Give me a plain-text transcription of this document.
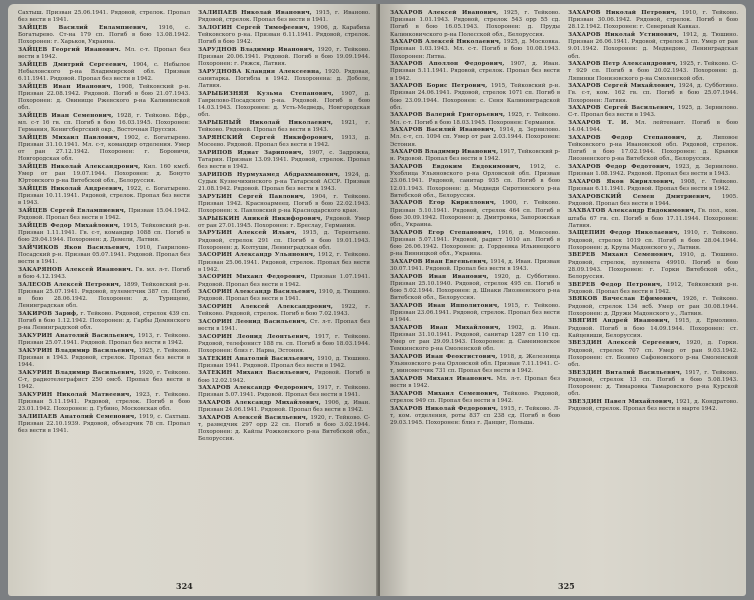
Сахтыш. Призван 25.06.1941. Рядовой, стрелок. Пропал без вести в 1941.

ЗАЙЦЕВ Василий Евлампиевич, 1916, с. Богатырево. Ст-на 179 сп. Погиб в бою 13.08.1942. Похоронен: г. Харьков, Украина.

ЗАЙЦЕВ Георгий Иванович. Мл. с-т. Пропал без вести в 1942.

ЗАЙЦЕВ Дмитрий Сергеевич, 1904, с. Небылое Небыловского р-на Владимирской обл. Призван 6.11.1941. Рядовой. Пропал без вести в 1942.

ЗАЙЦЕВ Иван Иванович, 1908, Тейковский р-н. Призван 22.08.1942. Рядовой. Погиб в бою 21.07.1943. Похоронен: д. Овинище Ржевского р-на Калининской обл.

ЗАЙЦЕВ Иван Семенович, 1928, г. Тейково. Ефр., мл. с-т 16 гв. сп. Погиб в бою 16.03.1945. Похоронен: Германия, Кенигсбергский окр., Восточная Пруссия.

ЗАЙЦЕВ Михаил Павлович, 1902, с. Богатырево. Призван 31.10.1941. Мл. с-т, командир отделения. Умер от ран 27.12.1942. Похоронен: г. Боровичи, Новгородская обл.

ЗАЙЦЕВ Николай Александрович, Кил. 160 кмсб. Умер от ран 19.07.1944. Похоронен: д. Бонуто Юртовского р-на Витебской обл., Белоруссия.

ЗАЙЦЕВ Николай Андреевич, 1922, с. Богатырево. Призван 10.11.1941. Рядовой, стрелок. Пропал без вести в 1943.

ЗАЙЦЕВ Сергей Евлампиевич, Призван 15.04.1942. Рядовой. Пропал без вести в 1942.

ЗАЙЦЕВ Федор Михайлович, 1915, Тейковский р-н. Призван 1.11.1941. Гв. с-т, командир 1088 сп. Погиб в бою 29.04.1944. Похоронен: д. Демели, Латвия.

ЗАЙЧИКОВ Яков Васильевич, 1910, Гаврилово-Посадский р-н. Призван 05.07.1941. Рядовой. Пропал без вести в 1941.

ЗАКАРЯНОВ Алексей Иванович. Гв. мл. л-т. Погиб в бою 4.12.1943.

ЗАЛЕСОВ Алексей Петрович, 1899, Тейковский р-н. Призван 25.07.1941. Рядовой, пулеметчик 387 сп. Погиб в бою 28.06.1942. Похоронен: д. Турищево, Ленинградская обл.

ЗАКИРОВ Зариф, г. Тейково. Рядовой, стрелок 439 сп. Погиб в бою 1.12.1942. Похоронен: д. Гарбы Демянского р-на Ленинградской обл.

ЗАКУРИН Анатолий Васильевич, 1913, г. Тейково. Призван 25.07.1941. Рядовой. Пропал без вести в 1942.

ЗАКУРИН Владимир Васильевич, 1925, г. Тейково. Призван в 1943. Рядовой, стрелок. Пропал без вести в 1944.

ЗАКУРИН Владимир Васильевич, 1920, г. Тейково. С-т, радиотелеграфист 250 омсб. Пропал без вести в 1942.

ЗАКУРИН Николай Матвеевич, 1923, г. Тейково. Призван 5.11.1941. Рядовой, стрелок. Погиб в бою 23.01.1942. Похоронен: д. Губино, Московская обл.

ЗАЛИПАЕВ Анатолий Семенович, 1919, с. Сахтыш. Призван 22.10.1939. Рядовой, объездчик 78 сп. Пропал без вести в 1941.

ЗАЛИПАЕВ Николай Иванович, 1915, г. Иваново. Рядовой, стрелок. Пропал без вести в 1941.

ЗАЛОГИН Сергей Тимофеевич, 1906, д. Карабиха Тейковского р-на. Призван 6.11.1941. Рядовой, стрелок. Погиб в бою 1942.

ЗАРУДНОВ Владимир Иванович, 1920, г. Тейково. Призван 20.06.1941. Рядовой. Погиб в бою 19.09.1944. Похоронен: г. Ряжск, Латвия.

ЗАРУДНОВА Клавдия Алексеевна, 1920. Рядовая, санитарка. Погибла в 1942. Похоронена: д. Доболе, Латвия.

ЗАРЫБИЗНЯЯ Кузьма Степанович, 1907, д. Гаврилово-Посадского р-на. Рядовой. Погиб в бою 14.03.1943. Похоронен: д. Усть-Медведь, Новгородская обл.

ЗАРЫБНЫЙ Николай Николаевич, 1921, г. Тейково. Рядовой. Пропал без вести в 1943.

ЗАРЯНСКИЙ Сергей Никифорович, 1913, д. Мосеево. Рядовой. Пропал без вести в 1942.

ЗАРИПОВ Идиат Зарипович, 1907, с. Задрожка, Татария. Призван 13.09.1941. Рядовой, стрелок. Пропал без вести в 1942.

ЗАРИПОВ Нурмухамед Абдрахманович, 1924, д. Судык Кузнечихинского р-на Татарской АССР. Призван 21.08.1942. Рядовой. Пропал без вести в 1943.

ЗАРУБИН Сергей Павлович, 1904, г. Тейково. Призван 1942. Красноармеец. Погиб в бою 22.02.1943. Похоронен: х. Павловский р-на Краснодарского края.

ЗАРЫБКИН Аникей Никифорович, Рядовой. Умер от ран 27.01.1945. Похоронен: г. Бреслау, Германия.

ЗАРУБИН Алексей Ильич, 1915, д. Терентьево. Рядовой, стрелок 291 сп. Погиб в бою 19.01.1943. Похоронен: д. Колтуши, Ленинградская обл.

ЗАСОРИН Александр Ульянович, 1912, г. Тейково. Призван 25.06.1941. Рядовой, стрелок. Пропал без вести в 1942.

ЗАСОРИН Михаил Федорович, Призван 1.07.1941. Рядовой. Пропал без вести в 1942.

ЗАСОРИН Александр Васильевич, 1910, д. Тюшино. Рядовой. Пропал без вести в 1941.

ЗАСОРИН Алексей Александрович, 1922, г. Тейково. Рядовой, стрелок. Погиб в бою 7.02.1943.

ЗАСОРИН Леонид Васильевич, Ст. л-т. Пропал без вести в 1941.

ЗАСОРИН Леонид Леонтьевич, 1917, г. Тейково. Рядовой, телефонист 188 гв. сп. Погиб в бою 18.03.1944. Похоронен: близ г. Нарва, Эстония.

ЗАТЕКИН Анатолий Васильевич, 1910, д. Тюшино. Призван 1941. Рядовой. Пропал без вести в 1942.

ЗАТЕКИН Михаил Васильевич, Рядовой. Погиб в бою 12.02.1942.

ЗАХАРОВ Александр Федорович, 1917, г. Тейково. Призван 5.07.1941. Рядовой. Пропал без вести в 1941.

ЗАХАРОВ Александр Михайлович, 1906, д. Иван. Призван 24.06.1941. Рядовой. Пропал без вести в 1942.

ЗАХАРОВ Алексей Васильевич, 1920, г. Тейково. С-т, разведчик 297 орр 22 сп. Погиб в бою 3.02.1944. Похоронен: д. Кайлы Рожковского р-на Витебской обл., Белоруссия.

324

ЗАХАРОВ Алексей Иванович, 1925, г. Тейково. Призван 1.01.1943. Рядовой, стрелок 543 орр 55 сд. Погиб в бою 16.05.1943. Похоронен: д. Пруды Калинковичского р-на Полесской обл., Белоруссия.

ЗАХАРОВ Алексей Николаевич, 1925, д. Московка. Призван 1.03.1943. Мл. с-т. Погиб в бою 10.08.1943. Похоронен: Литва.

ЗАХАРОВ Аполлон Федорович, 1907, д. Иван. Призван 5.11.1941. Рядовой, стрелок. Пропал без вести в 1942.

ЗАХАРОВ Борис Петрович, 1915, Тейковский р-н. Призван 24.06.1941. Рядовой, стрелок 1071 сп. Погиб в бою 23.09.1944. Похоронен: с. Сеня Калининградской обл.

ЗАХАРОВ Валерий Григорьевич, 1925, г. Тейково. Мл. с-т. Погиб в бою 18.03.1945. Похоронен: Германия.

ЗАХАРОВ Василий Иванович, 1914, д. Зернилово. Мл. с-т, сл. 1094 сп. Умер от ран 2.03.1944. Похоронен: Эстония.

ЗАХАРОВ Владимир Иванович, 1917, Тейковский р-н. Рядовой. Пропал без вести в 1942.

ЗАХАРОВ Евдоким Евдокимович, 1912, с. Ухоблица Ульяновского р-на Орловской обл. Призван 23.06.1941. Рядовой, санитар 935 сп. Погиб в бою 12.01.1943. Похоронен: д. Медведи Сиротинского р-на Витебской обл., Белоруссия.

ЗАХАРОВ Егор Кириллович, 1900, г. Тейково. Призван 5.10.1941. Рядовой, стрелок 464 сп. Погиб в бою 30.09.1942. Похоронен: д. Дмитровка, Запорожская обл., Украина.

ЗАХАРОВ Егор Степанович, 1916, д. Моисеево. Призван 5.07.1941. Рядовой, радист 1010 ап. Погиб в бою 26.06.1942. Похоронен: д. Гордеевка Ильинецкого р-на Винницкой обл., Украина.

ЗАХАРОВ Иван Евгеньевич, 1914, д. Иван. Призван 30.07.1941. Рядовой. Пропал без вести в 1943.

ЗАХАРОВ Иван Иванович, 1920, д. Субботино. Призван 25.10.1940. Рядовой, стрелок 495 сп. Погиб в бою 5.02.1944. Похоронен: д. Шнаки Лиозненского р-на Витебской обл., Белоруссия.

ЗАХАРОВ Иван Ипполитович, 1915, г. Тейково. Призван 23.06.1941. Рядовой, стрелок. Пропал без вести в 1944.

ЗАХАРОВ Иван Михайлович, 1902, д. Иван. Призван 31.10.1941. Рядовой, санитар 1287 сп 110 сд. Умер от ран 29.09.1943. Похоронен: д. Самеиновское Темкинского р-на Смоленской обл.

ЗАХАРОВ Иван Феоктистович, 1918, д. Железница Ульяновского р-на Орловской обл. Призван 7.11.1941. С-т, минометчик 731 сп. Пропал без вести в 1942.

ЗАХАРОВ Михаил Иванович. Мл. л-т. Пропал без вести в 1942.

ЗАХАРОВ Михаил Семенович, Тейково. Рядовой, стрелок 949 сп. Пропал без вести в 1942.

ЗАХАРОВ Николай Федорович, 1915, г. Тейково. Л-т, ком. отделения, роты 837 сп 238 сд. Погиб в бою 29.03.1945. Похоронен: близ г. Данциг, Польша.

ЗАХАРОВ Николай Петрович, 1910, г. Тейково. Призван 30.06.1942. Рядовой, стрелок. Погиб в бою 28.12.1942. Похоронен: г. Северный Кавказ.

ЗАХАРОВ Николай Устинович, 1912, д. Тюшино. Призван 26.06.1941. Рядовой, стрелок 3 сп. Умер от ран 9.01.1942. Похоронен: д. Медведово, Ленинградская обл.

ЗАХАРОВ Петр Александрович, 1925, г. Тейково. С-т 929 сп. Погиб в бою 20.02.1943. Похоронен: д. Ляпинки Понизовского р-на Смоленской обл.

ЗАХАРОВ Сергей Михайлович, 1924, д. Субботино. Гв. с-т, ком. 162 гв. сп. Погиб в бою 25.07.1944. Похоронен: Латвия.

ЗАХАРОВ Сергей Васильевич, 1925, д. Зернилово. С-т. Пропал без вести в 1943.

ЗАХАРОВ Т. И. Мл. лейтенант. Погиб в бою 14.04.1944.

ЗАХАРОВ Федор Степанович, д. Липовое Тейковского р-на Ивановской обл. Рядовой, стрелок. Погиб в бою 17.02.1944. Похоронен: д. Крынки Лиозненского р-на Витебской обл., Белоруссия.

ЗАХАРОВ Федор Федотович, 1923, д. Зернилово. Призван 1.08.1942. Рядовой. Пропал без вести в 1943.

ЗАХАРОВ Яков Кириллович, 1908, г. Тейково. Призван 6.11.1941. Рядовой. Пропал без вести в 1942.

ЗАХАРОВСКИЙ Семен Дмитриевич, 1905. Рядовой. Пропал без вести в 1944.

ЗАХВАТОВ Александр Евдокимович, Гв. пол., ком. штаба 67 гв. сп. Погиб в бою 17.11.1944. Похоронен: Латвия.

ЗАЩЕПИН Федор Николаевич, 1910, г. Тейково. Рядовой, стрелок 1019 сп. Погиб в бою 28.04.1944. Похоронен: д. Крупа Мадонского у., Латвия.

ЗВЕРЕВ Михаил Семенович, 1910, д. Тюшино. Рядовой, стрелок, пулемета 49910. Погиб в бою 28.09.1943. Похоронен: г. Горки Витебской обл., Белоруссия.

ЗВЕРЕВ Федор Петрович, 1912, Тейковский р-н. Рядовой. Пропал без вести в 1942.

ЗВЯКОВ Вячеслав Ефимович, 1926, г. Тейково. Рядовой, стрелок 134 всб. Умер от ран 30.08.1944. Похоронен: д. Дружи Мадонского у., Латвия.

ЗВЯГИН Андрей Иванович, 1915, д. Ермолино. Рядовой. Погиб в бою 14.09.1944. Похоронен: ст. Кайцевиши, Белоруссия.

ЗВЕЗДИН Алексей Сергеевич, 1920, д. Горки. Рядовой, стрелок 707 сп. Умер от ран 9.03.1942. Похоронен: ст. Бозино Сафоновского р-на Смоленской обл.

ЗВЕЗДИН Виталий Васильевич, 1917, г. Тейково. Рядовой, стрелок 13 сп. Погиб в бою 5.08.1943. Похоронен: д. Тимаровка Тамаровского р-на Курской обл.

ЗВЕЗДИН Павел Михайлович, 1921, д. Кондратово. Рядовой, стрелок. Пропал без вести в марте 1942.

325
